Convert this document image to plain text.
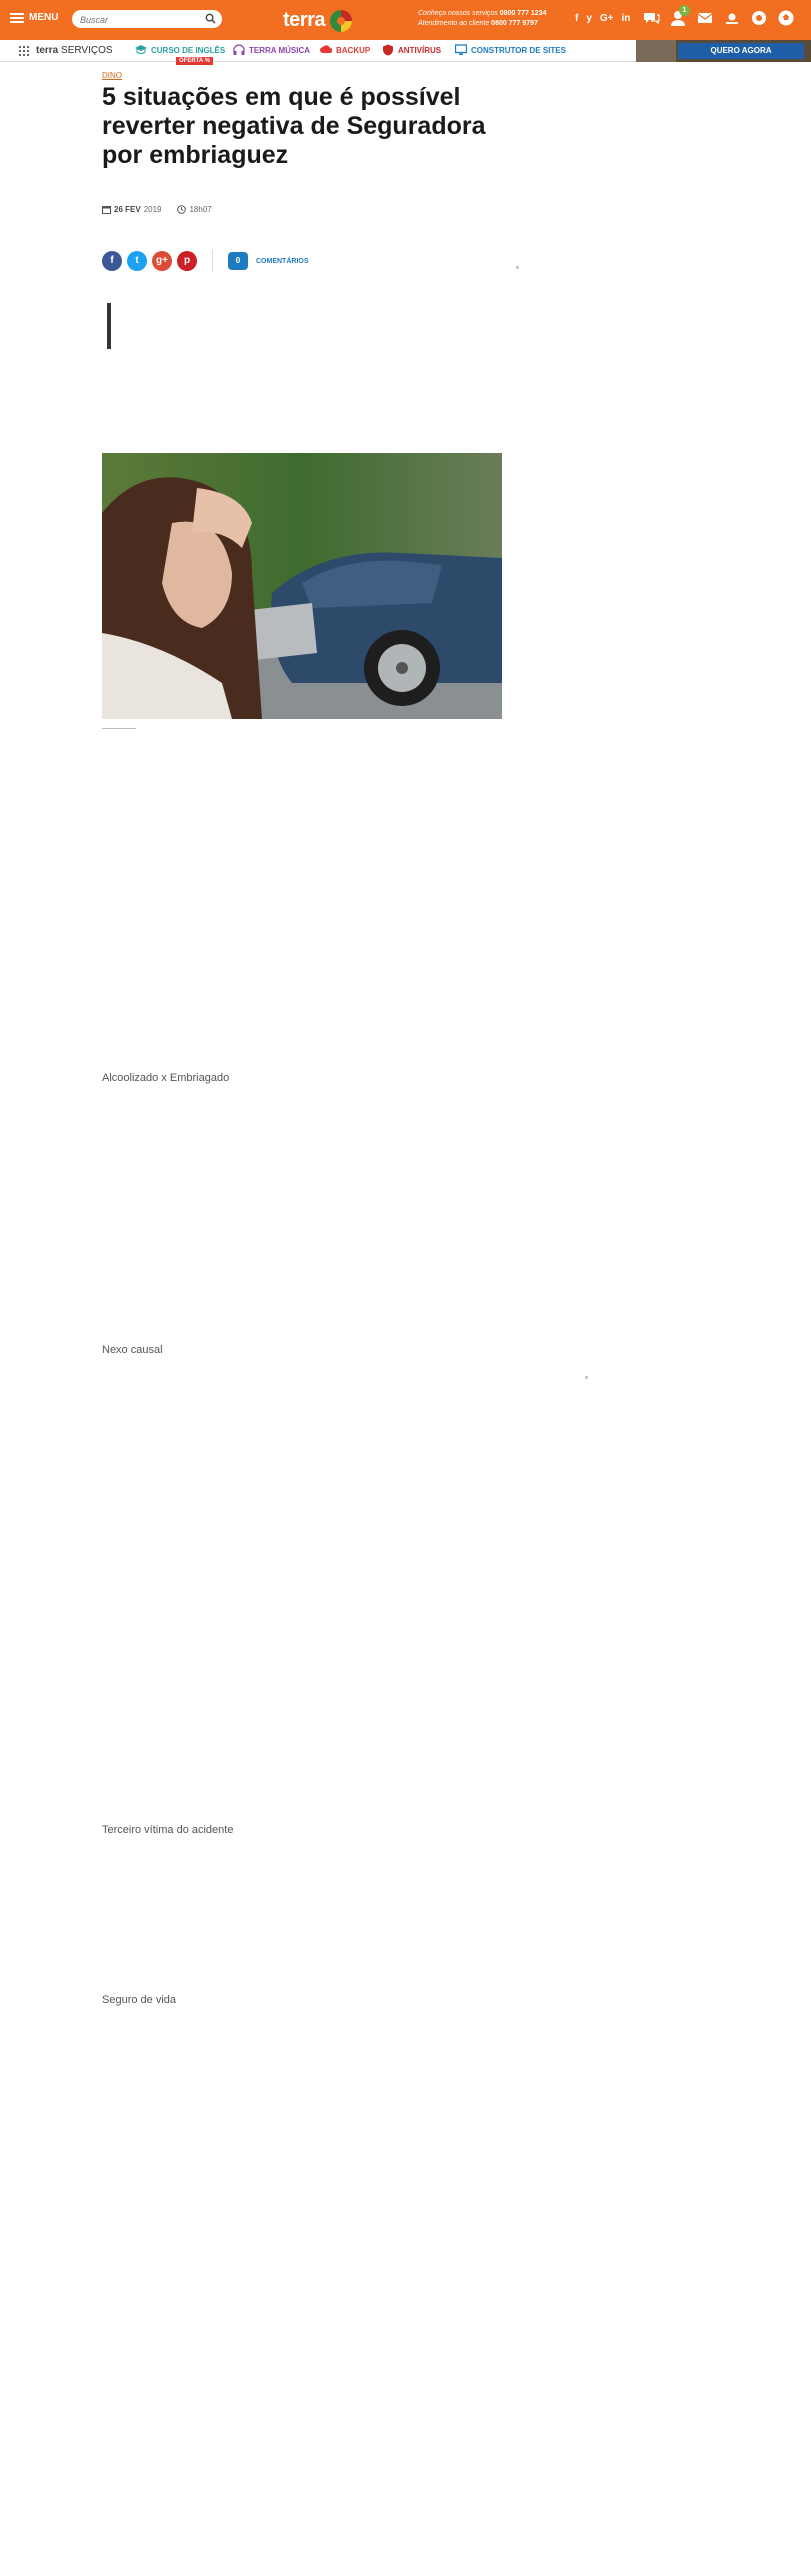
MENU
Buscar	terra	Conheça nossos serviços 0800 777 1234
Atendimento ao cliente 0800 777 9797	f y G+ in
1
terra SERVIÇOS	CURSO DE INGLÊS	TERRA MÚSICA	BACKUP	ANTIVÍRUS	CONSTRUTOR DE SITES
OFERTA %
QUERO AGORA
DINO
5 situações em que é possível reverter negativa de Seguradora por embriaguez
26 FEV 2019	18h07
f	t	g+	p	0	COMENTÁRIOS

Alcoolizado x Embriagado

Nexo causal

Terceiro vítima do acidente

Seguro de vida
